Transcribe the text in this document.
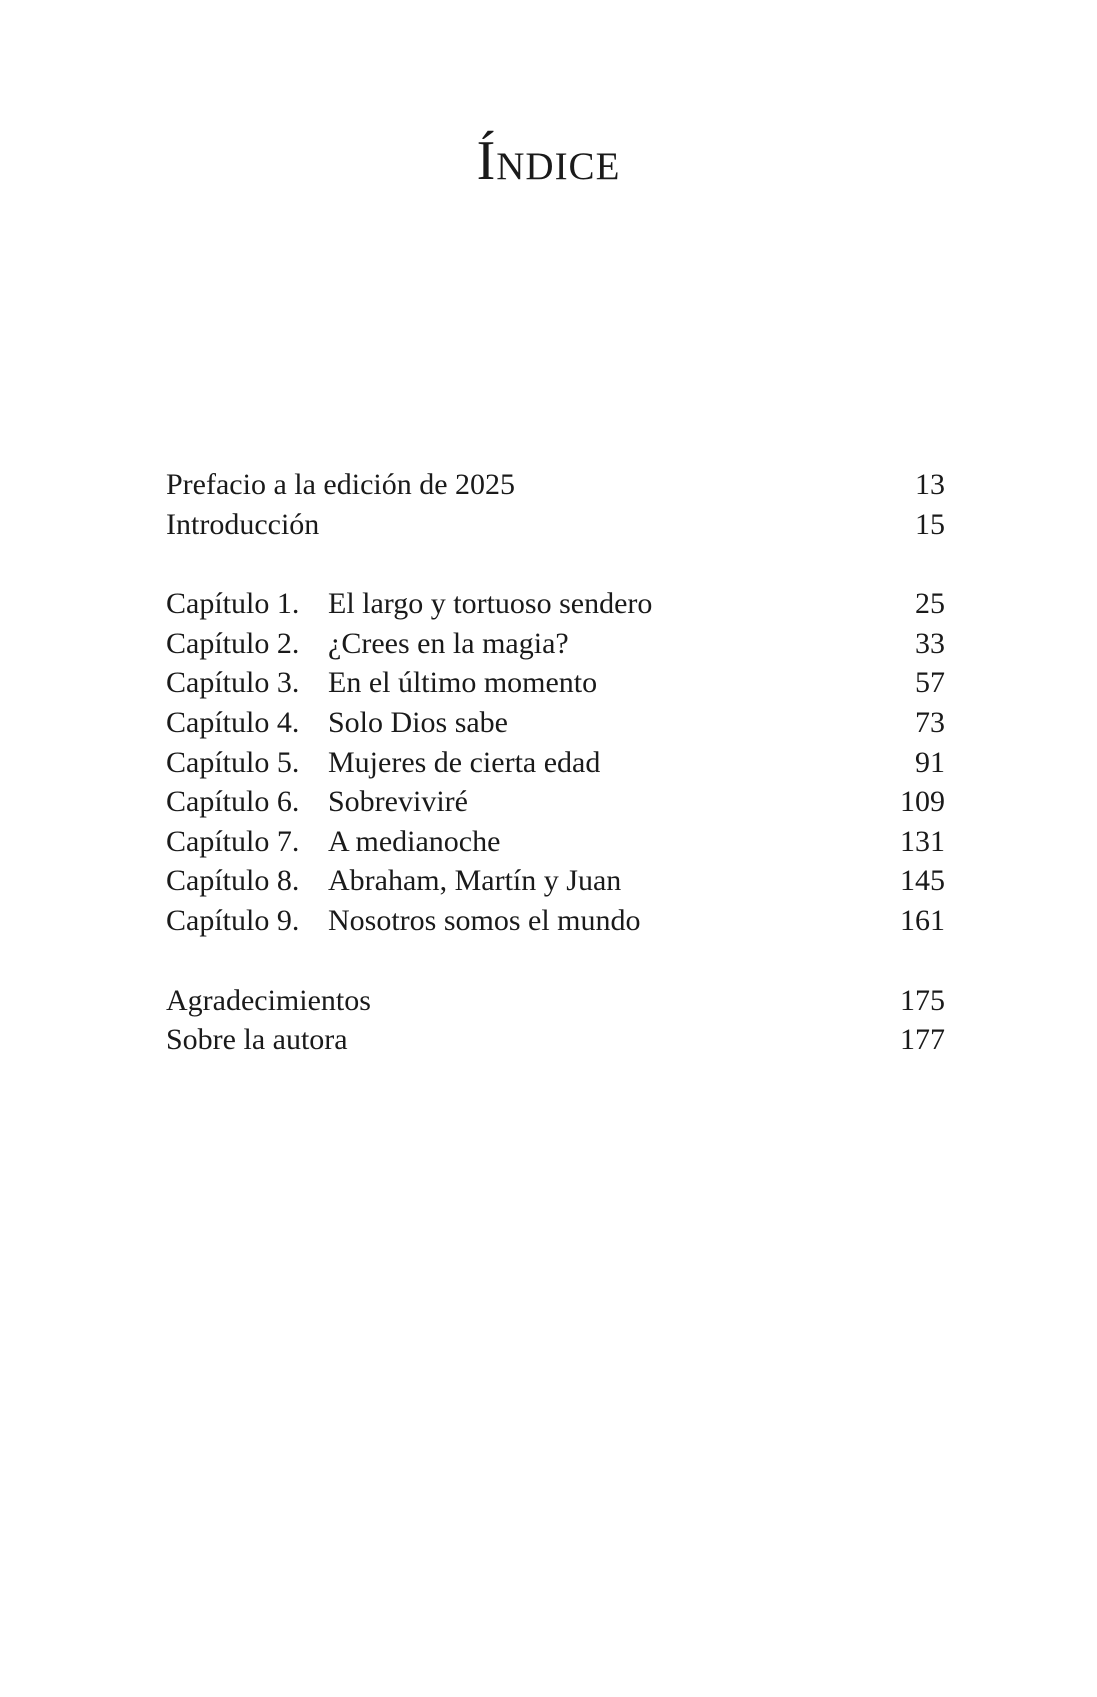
Índice
Prefacio a la edición de 2025	13
Introducción	15
Capítulo 1. El largo y tortuoso sendero	25
Capítulo 2. ¿Crees en la magia?	33
Capítulo 3. En el último momento	57
Capítulo 4. Solo Dios sabe	73
Capítulo 5. Mujeres de cierta edad	91
Capítulo 6. Sobreviviré	109
Capítulo 7. A medianoche	131
Capítulo 8. Abraham, Martín y Juan	145
Capítulo 9. Nosotros somos el mundo	161
Agradecimientos	175
Sobre la autora	177
